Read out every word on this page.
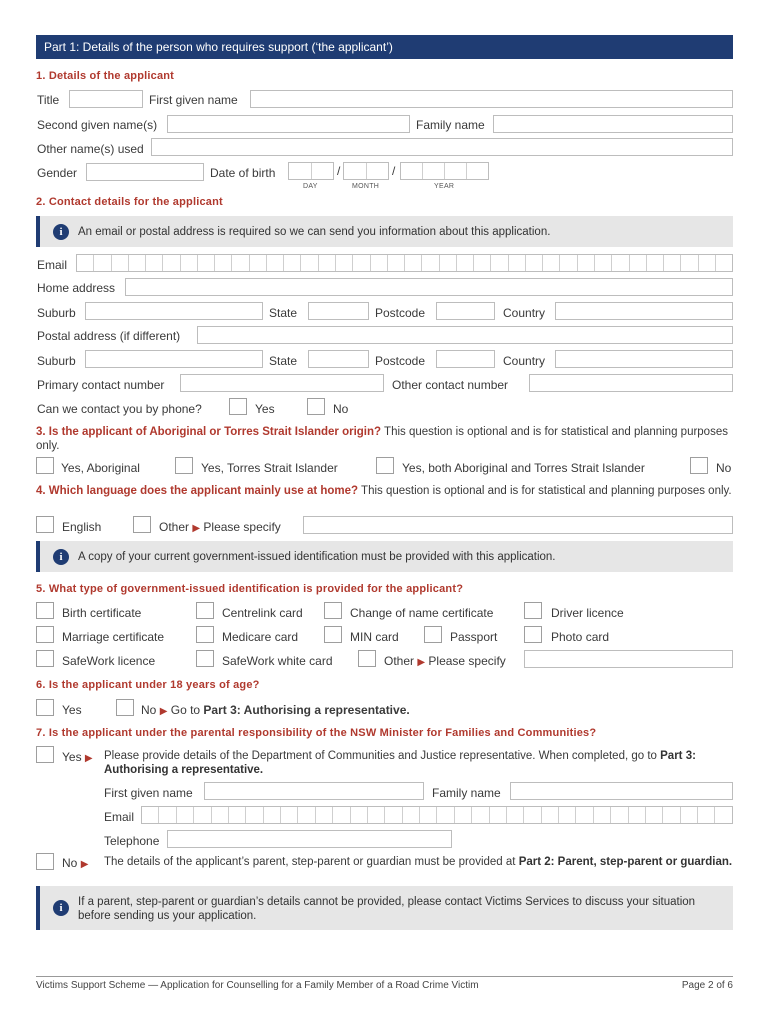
Part 1: Details of the person who requires support (‘the applicant’)
1. Details of the applicant
Title	First given name
Second given name(s)	Family name
Other name(s) used
Gender	Date of birth	/	/
DAY	MONTH	YEAR
2. Contact details for the applicant
i	An email or postal address is required so we can send you information about this application.
Email
Home address
Suburb	State	Postcode	Country
Postal address (if different)
Suburb	State	Postcode	Country
Primary contact number	Other contact number
Can we contact you by phone?	Yes	No
3. Is the applicant of Aboriginal or Torres Strait Islander origin? This question is optional and is for statistical and planning purposes only.
Yes, Aboriginal	Yes, Torres Strait Islander	Yes, both Aboriginal and Torres Strait Islander	No
4. Which language does the applicant mainly use at home? This question is optional and is for statistical and planning purposes only.
English	Other ▶ Please specify
i	A copy of your current government-issued identification must be provided with this application.
5. What type of government-issued identification is provided for the applicant?
Birth certificate	Centrelink card	Change of name certificate	Driver licence
Marriage certificate	Medicare card	MIN card	Passport	Photo card
SafeWork licence	SafeWork white card	Other ▶ Please specify
6. Is the applicant under 18 years of age?
Yes	No ▶ Go to Part 3: Authorising a representative.
7. Is the applicant under the parental responsibility of the NSW Minister for Families and Communities?
Yes ▶ Please provide details of the Department of Communities and Justice representative. When completed, go to Part 3: Authorising a representative.
First given name	Family name
Email
Telephone
No ▶ The details of the applicant’s parent, step-parent or guardian must be provided at Part 2: Parent, step-parent or guardian.
i	If a parent, step-parent or guardian’s details cannot be provided, please contact Victims Services to discuss your situation before sending us your application.
Victims Support Scheme — Application for Counselling for a Family Member of a Road Crime Victim	Page 2 of 6
